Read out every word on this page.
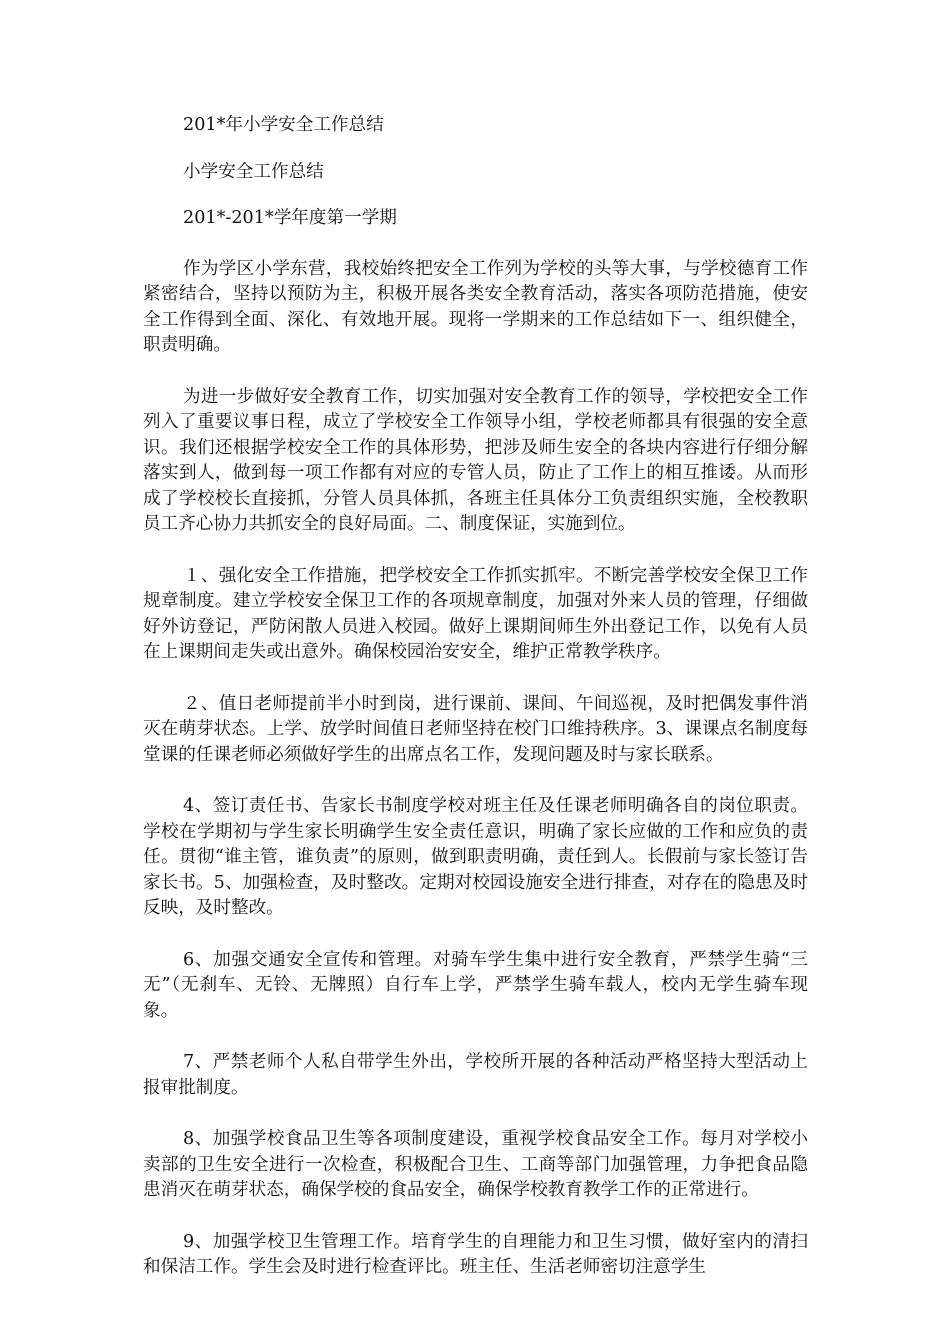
201*年小学安全工作总结

小学安全工作总结

201*-201*学年度第一学期

作为学区小学东营，我校始终把安全工作列为学校的头等大事，与学校德育工作紧密结合，坚持以预防为主，积极开展各类安全教育活动，落实各项防范措施，使安全工作得到全面、深化、有效地开展。现将一学期来的工作总结如下一、组织健全，职责明确。

为进一步做好安全教育工作，切实加强对安全教育工作的领导，学校把安全工作列入了重要议事日程，成立了学校安全工作领导小组，学校老师都具有很强的安全意识。我们还根据学校安全工作的具体形势，把涉及师生安全的各块内容进行仔细分解落实到人，做到每一项工作都有对应的专管人员，防止了工作上的相互推诿。从而形成了学校校长直接抓，分管人员具体抓，各班主任具体分工负责组织实施，全校教职员工齐心协力共抓安全的良好局面。二、制度保证，实施到位。

１、强化安全工作措施，把学校安全工作抓实抓牢。不断完善学校安全保卫工作规章制度。建立学校安全保卫工作的各项规章制度，加强对外来人员的管理，仔细做好外访登记，严防闲散人员进入校园。做好上课期间师生外出登记工作，以免有人员在上课期间走失或出意外。确保校园治安安全，维护正常教学秩序。

２、值日老师提前半小时到岗，进行课前、课间、午间巡视，及时把偶发事件消灭在萌芽状态。上学、放学时间值日老师坚持在校门口维持秩序。3、课课点名制度每堂课的任课老师必须做好学生的出席点名工作，发现问题及时与家长联系。

4、签订责任书、告家长书制度学校对班主任及任课老师明确各自的岗位职责。学校在学期初与学生家长明确学生安全责任意识，明确了家长应做的工作和应负的责任。贯彻“谁主管，谁负责”的原则，做到职责明确，责任到人。长假前与家长签订告家长书。5、加强检查，及时整改。定期对校园设施安全进行排查，对存在的隐患及时反映，及时整改。

6、加强交通安全宣传和管理。对骑车学生集中进行安全教育，严禁学生骑“三无”（无刹车、无铃、无牌照）自行车上学，严禁学生骑车载人，校内无学生骑车现象。

7、严禁老师个人私自带学生外出，学校所开展的各种活动严格坚持大型活动上报审批制度。

8、加强学校食品卫生等各项制度建设，重视学校食品安全工作。每月对学校小卖部的卫生安全进行一次检查，积极配合卫生、工商等部门加强管理，力争把食品隐患消灭在萌芽状态，确保学校的食品安全，确保学校教育教学工作的正常进行。

9、加强学校卫生管理工作。培育学生的自理能力和卫生习惯，做好室内的清扫和保洁工作。学生会及时进行检查评比。班主任、生活老师密切注意学生
